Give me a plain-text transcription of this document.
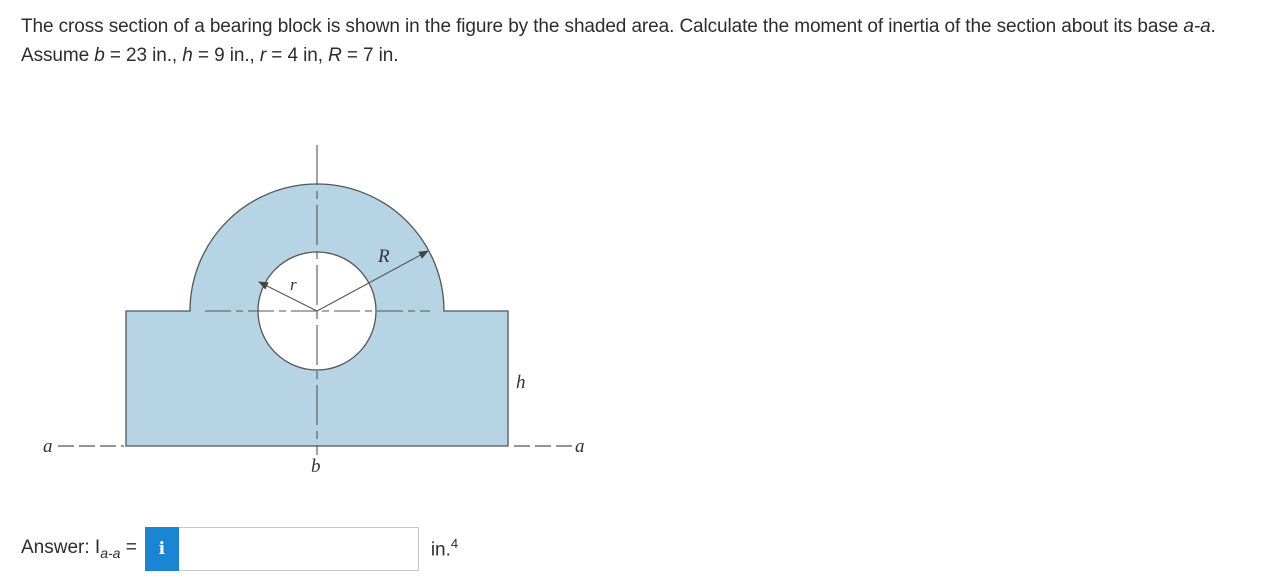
The cross section of a bearing block is shown in the figure by the shaded area. Calculate the moment of inertia of the section about its base a-a.

Assume b = 23 in., h = 9 in., r = 4 in, R = 7 in.

R
r
h
b
a	a
Answer: $I_{a-a}$ =	i	in.$^4$
